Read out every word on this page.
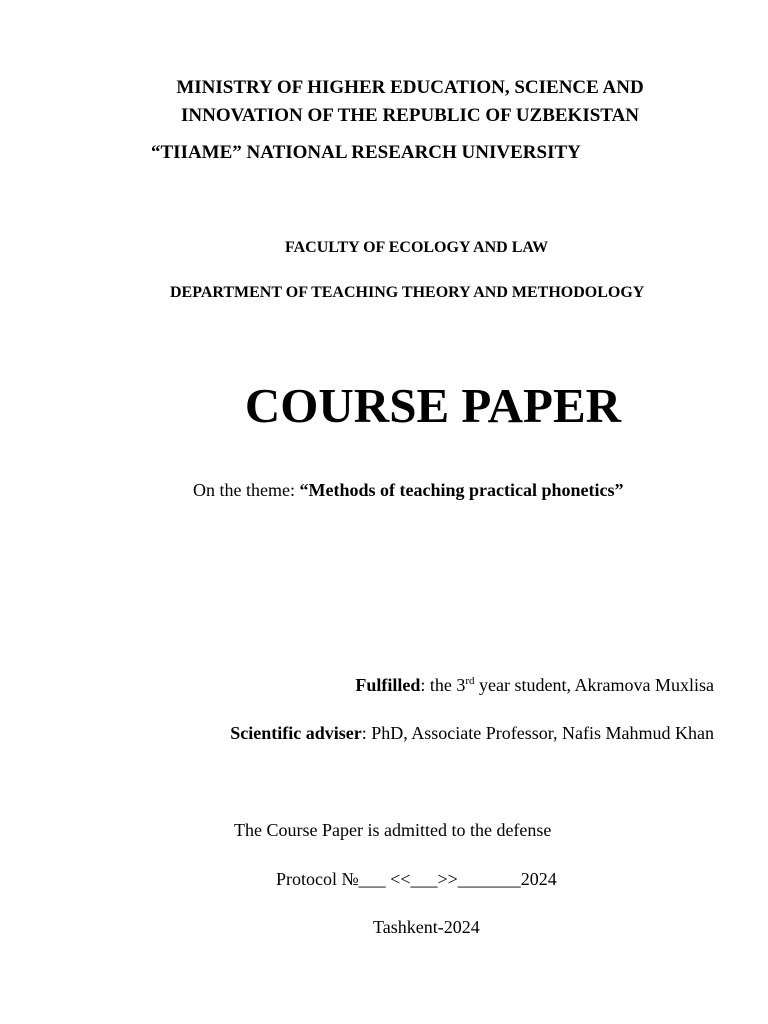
MINISTRY OF HIGHER EDUCATION, SCIENCE AND
INNOVATION OF THE REPUBLIC OF UZBEKISTAN
“TIIAME” NATIONAL RESEARCH UNIVERSITY
FACULTY OF ECOLOGY AND LAW
DEPARTMENT OF TEACHING THEORY AND METHODOLOGY
COURSE PAPER
On the theme: “Methods of teaching practical phonetics”
Fulfilled: the 3rd year student, Akramova Muxlisa
Scientific adviser: PhD, Associate Professor, Nafis Mahmud Khan
The Course Paper is admitted to the defense
Protocol №___ <<___>>_______2024
Tashkent-2024
